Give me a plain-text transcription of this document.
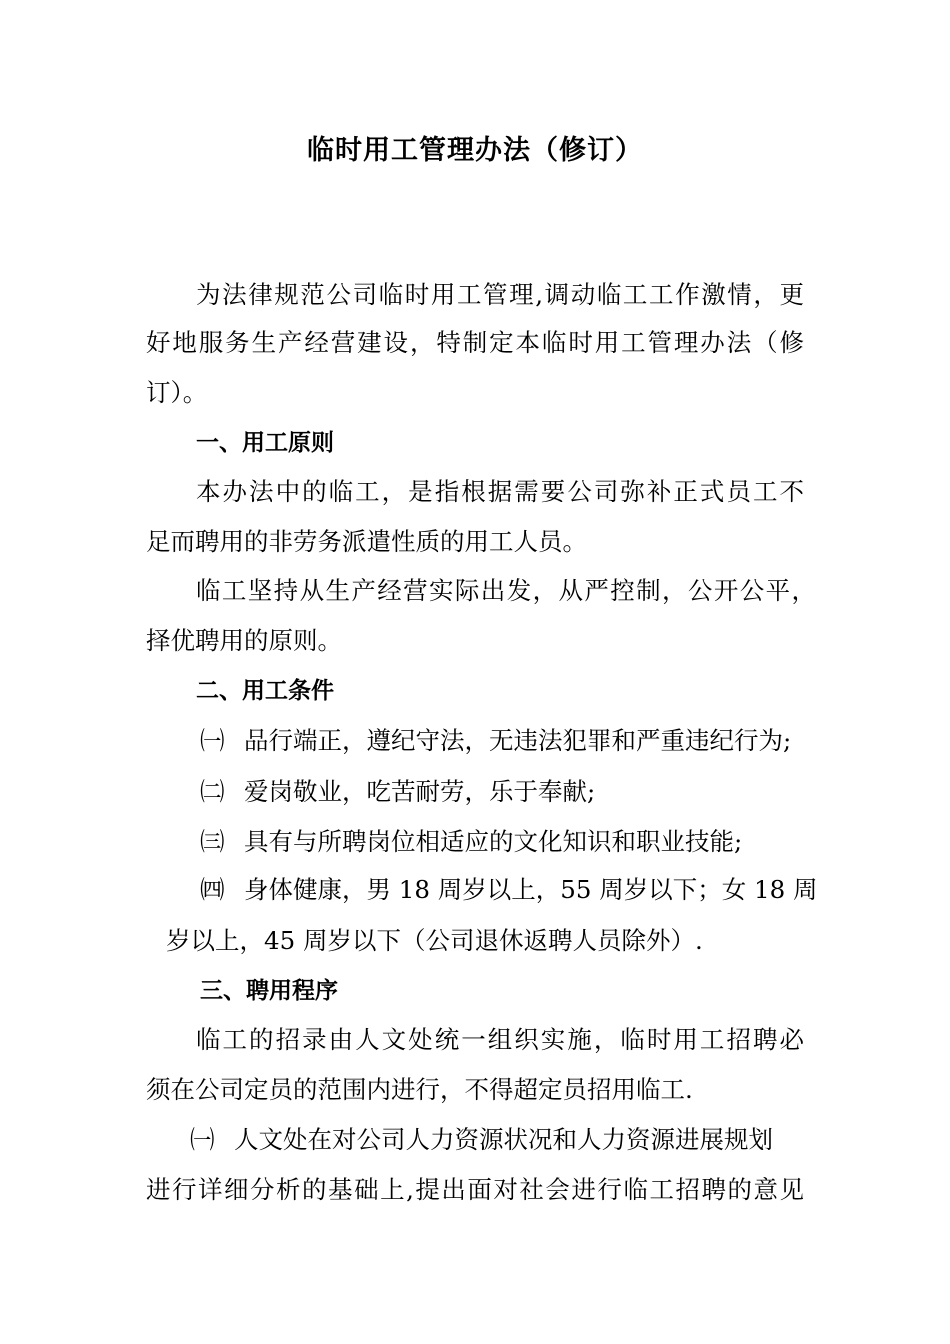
临时用工管理办法（修订）
为法律规范公司临时用工管理,调动临工工作激情，更
好地服务生产经营建设，特制定本临时用工管理办法（修
订）。
一、用工原则
本办法中的临工，是指根据需要公司弥补正式员工不
足而聘用的非劳务派遣性质的用工人员。
临工坚持从生产经营实际出发，从严控制，公开公平，
择优聘用的原则。
二、用工条件
㈠ 品行端正，遵纪守法，无违法犯罪和严重违纪行为;
㈡ 爱岗敬业，吃苦耐劳，乐于奉献;
㈢ 具有与所聘岗位相适应的文化知识和职业技能;
㈣ 身体健康，男 18 周岁以上，55 周岁以下；女 18 周
岁以上，45 周岁以下（公司退休返聘人员除外）.
三、聘用程序
临工的招录由人文处统一组织实施，临时用工招聘必
须在公司定员的范围内进行，不得超定员招用临工.
㈠ 人文处在对公司人力资源状况和人力资源进展规划
进行详细分析的基础上,提出面对社会进行临工招聘的意见
